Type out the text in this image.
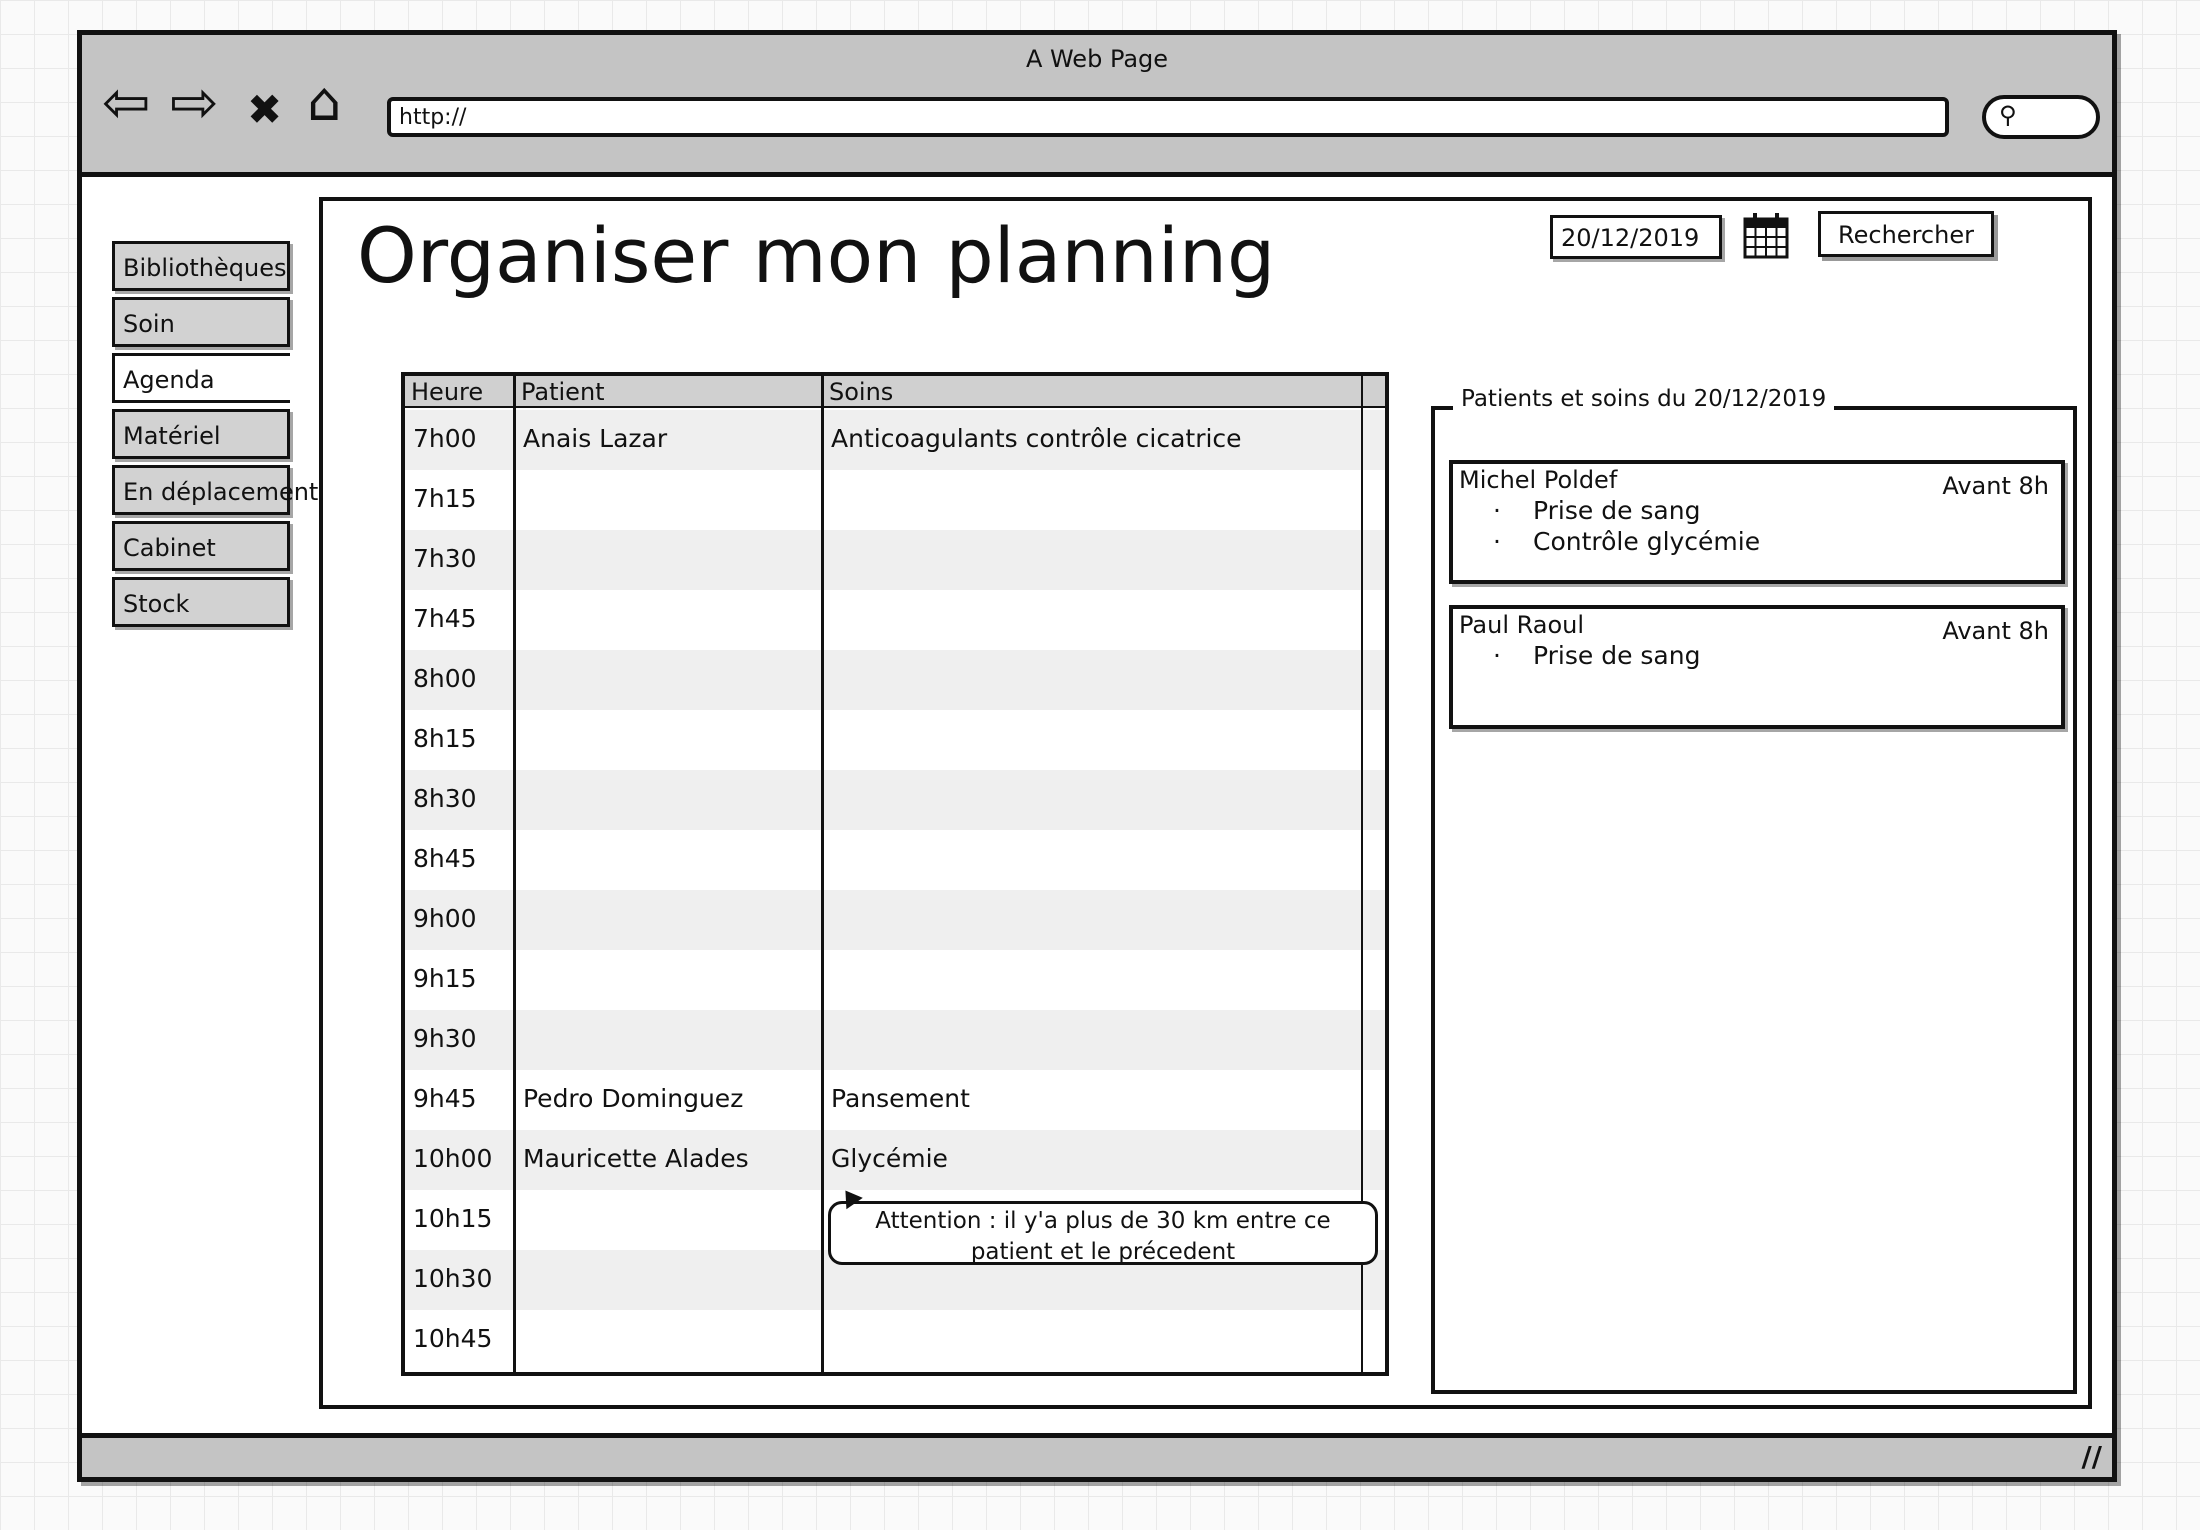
A Web Page
⇦ ⇨ ✖ ⌂	http://	⚲
Bibliothèques
Soin
Agenda
Matériel
En déplacement
Cabinet
Stock
Organiser mon planning	20/12/2019	Rechercher
7h00	Anais Lazar	Anticoagulants contrôle cicatrice
7h15
7h30
7h45
8h00
8h15
8h30
8h45
9h00
9h15
9h30
9h45	Pedro Dominguez	Pansement
10h00	Mauricette Alades	Glycémie
10h15
10h30
10h45
Heure	Patient	Soins
Attention : il y'a plus de 30 km entre ce
patient et le précedent
Patients et soins du 20/12/2019
Michel Poldef	Avant 8h
· Prise de sang
· Contrôle glycémie
Paul Raoul	Avant 8h
· Prise de sang
//
